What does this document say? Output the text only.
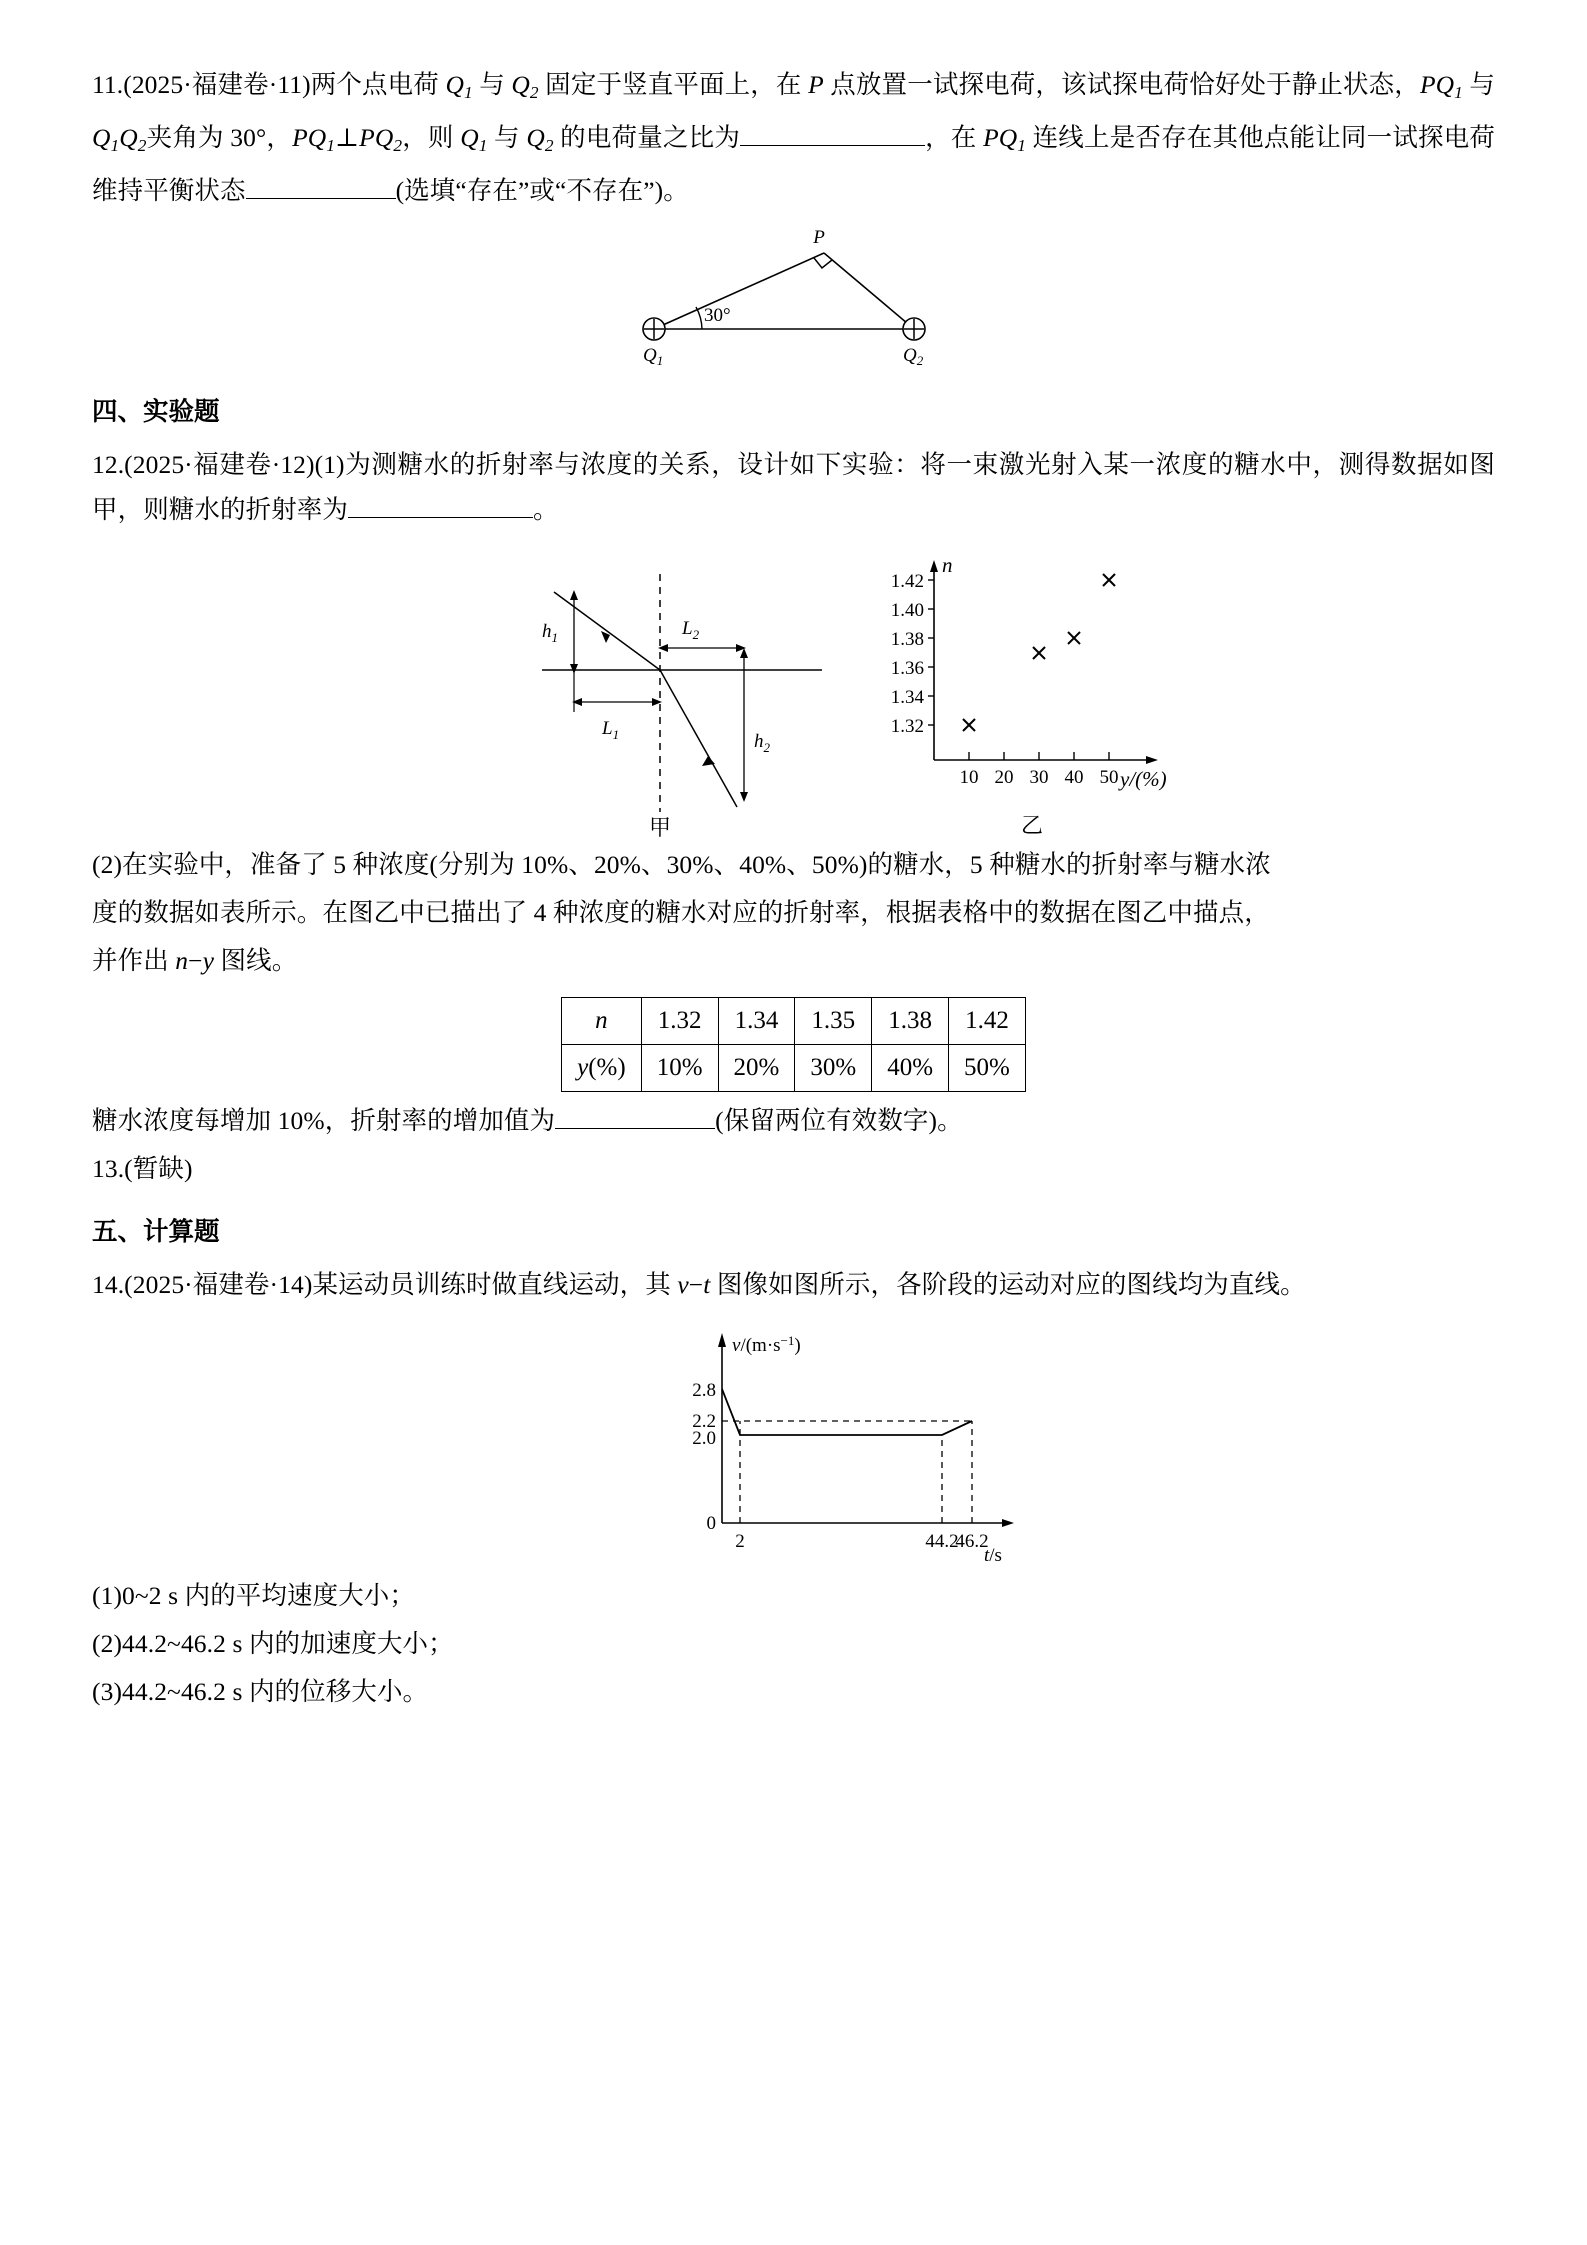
11.(2025·福建卷·11)两个点电荷 $Q_1$ 与 $Q_2$ 固定于竖直平面上，在 P 点放置一试探电荷，该试探电荷恰好处于静止状态，$PQ_1$ 与 $Q_1Q_2$夹角为 30°，$PQ_1\perp PQ_2$，则 $Q_1$ 与 $Q_2$ 的电荷量之比为	，在 $PQ_1$ 连线上是否存在其他点能让同一试探电荷维持平衡状态	(选填“存在”或“不存在”)。

P
30°
$Q_1$	$Q_2$
四、实验题

12.(2025·福建卷·12)(1)为测糖水的折射率与浓度的关系，设计如下实验：将一束激光射入某一浓度的糖水中，测得数据如图甲，则糖水的折射率为	。

$h_1$
$L_1$
$L_2$
$h_2$
甲
n
y/(%)
1.42
1.40
1.38
1.36
1.34
1.32
10 20 30 40 50
乙

(2)在实验中，准备了 5 种浓度(分别为 10%、20%、30%、40%、50%)的糖水，5 种糖水的折射率与糖水浓

度的数据如表所示。在图乙中已描出了 4 种浓度的糖水对应的折射率，根据表格中的数据在图乙中描点，

并作出 n−y 图线。

n	1.32	1.34	1.35	1.38	1.42
y(%)	10%	20%	30%	40%	50%

糖水浓度每增加 10%，折射率的增加值为	(保留两位有效数字)。

13.(暂缺)

五、计算题

14.(2025·福建卷·14)某运动员训练时做直线运动，其 v−t 图像如图所示，各阶段的运动对应的图线均为直线。

$v/(m\cdot s^{-1})$
t/s
2.8
2.2
2.0
0
2	44.2
46.2

(1)0~2 s 内的平均速度大小；

(2)44.2~46.2 s 内的加速度大小；

(3)44.2~46.2 s 内的位移大小。
